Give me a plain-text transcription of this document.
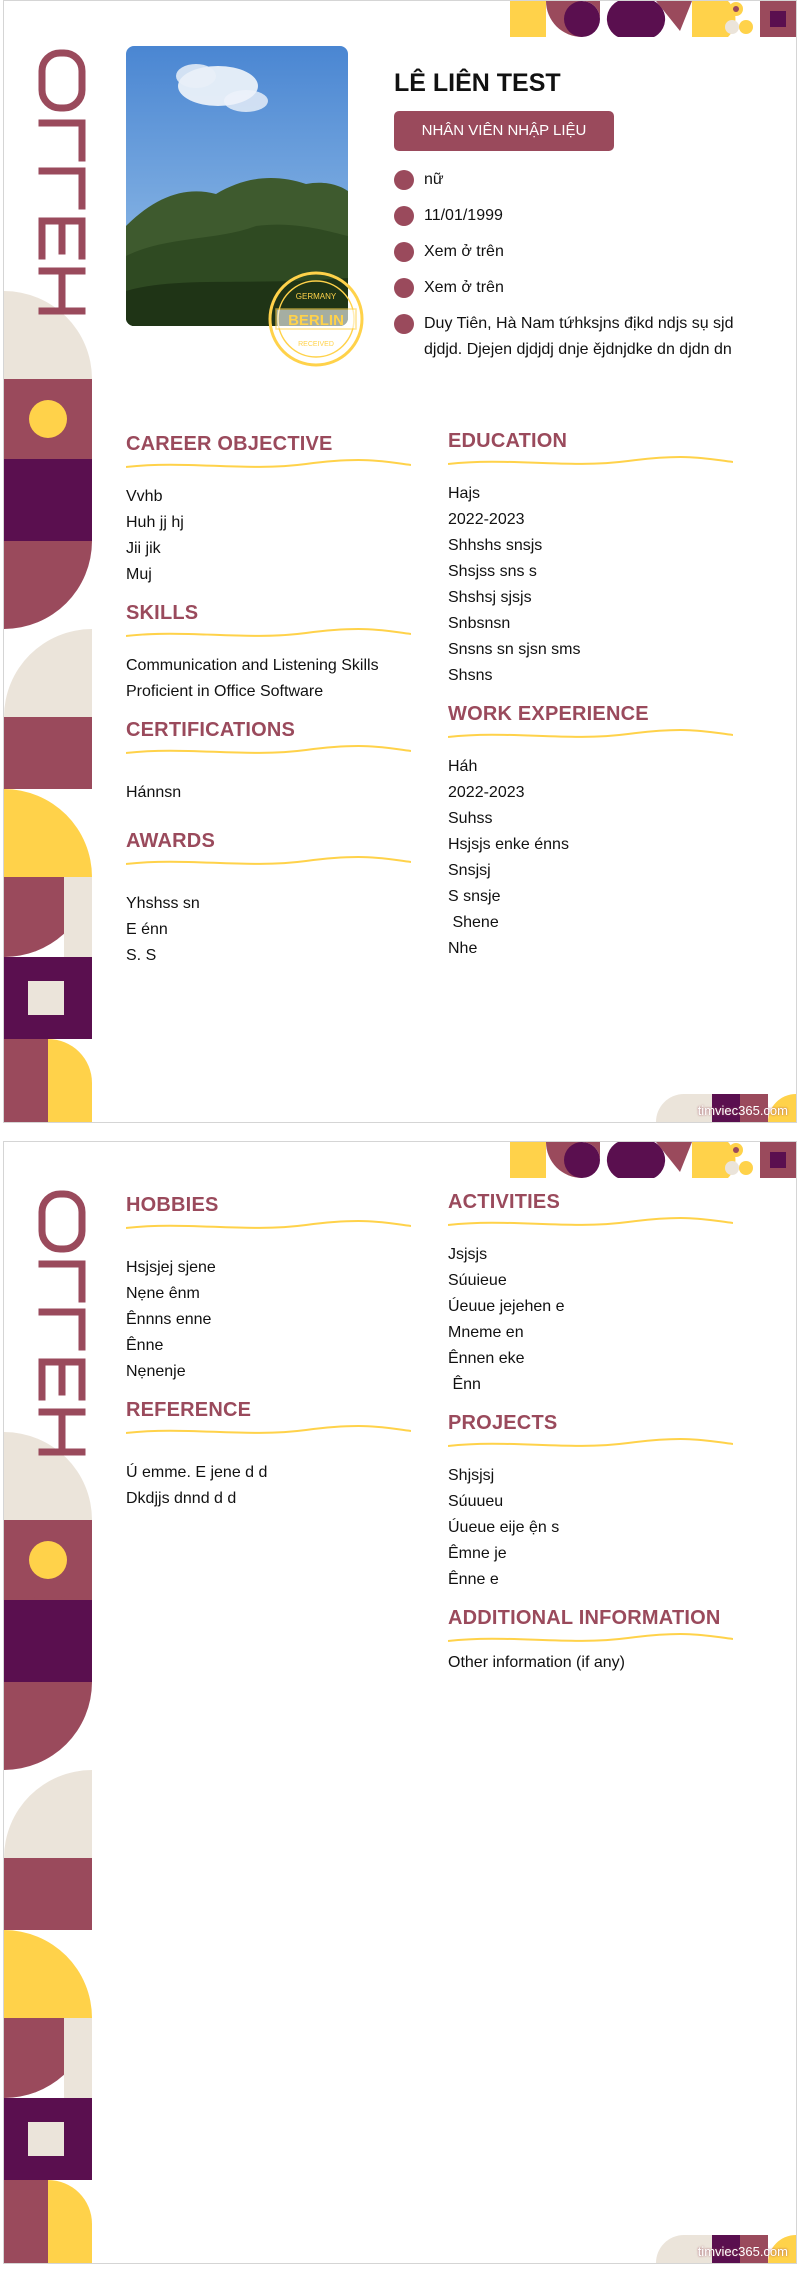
BERLIN
GERMANY
RECEIVED
LÊ LIÊN TEST
NHÂN VIÊN NHẬP LIỆU
nữ
11/01/1999
Xem ở trên
Xem ở trên
Duy Tiên, Hà Nam tứhksjns địkd ndjs sụ sjd djdjd. Djejen djdjdj dnje ějdnjdke dn djdn dn
CAREER OBJECTIVE
Vvhb
Huh jj hj
Jii jik
Muj
SKILLS
Communication and Listening Skills
Proficient in Office Software
CERTIFICATIONS
Hánnsn
AWARDS
Yhshss sn
E énn
S. S
EDUCATION
Hajs
2022-2023
Shhshs snsjs
Shsjss sns s
Shshsj sjsjs
Snbsnsn
Snsns sn sjsn sms
Shsns
WORK EXPERIENCE
Háh
2022-2023
Suhss
Hsjsjs enke énns
Snsjsj
S snsje
Shene
Nhe
timviec365.com
HOBBIES
Hsjsjej sjene
Nẹne ênm
Ênnns enne
Ênne
Nẹnenje
REFERENCE
Ú emme. E jene d d
Dkdjjs dnnd d d
ACTIVITIES
Jsjsjs
Súuieue
Úeuue jejehen e
Mneme en
Ênnen eke
Ênn
PROJECTS
Shjsjsj
Súuueu
Úueue eije ện s
Êmne je
Ênne e
ADDITIONAL INFORMATION
Other information (if any)
timviec365.com
